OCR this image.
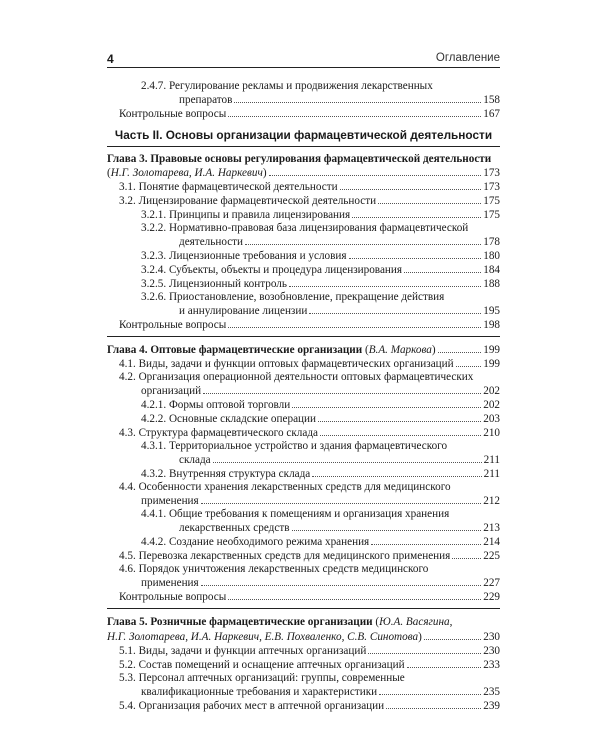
4	Оглавление
2.4.7. Регулирование рекламы и продвижения лекарственных
препаратов	158
Контрольные вопросы	167
Часть II. Основы организации фармацевтической деятельности
Глава 3. Правовые основы регулирования фармацевтической деятельности
(Н.Г. Золотарева, И.А. Наркевич)	173
3.1. Понятие фармацевтической деятельности	173
3.2. Лицензирование фармацевтической деятельности	175
3.2.1. Принципы и правила лицензирования	175
3.2.2. Нормативно-правовая база лицензирования фармацевтической
деятельности	178
3.2.3. Лицензионные требования и условия	180
3.2.4. Субъекты, объекты и процедура лицензирования	184
3.2.5. Лицензионный контроль	188
3.2.6. Приостановление, возобновление, прекращение действия
и аннулирование лицензии	195
Контрольные вопросы	198
Глава 4. Оптовые фармацевтические организации (В.А. Маркова)	199
4.1. Виды, задачи и функции оптовых фармацевтических организаций	199
4.2. Организация операционной деятельности оптовых фармацевтических
организаций	202
4.2.1. Формы оптовой торговли	202
4.2.2. Основные складские операции	203
4.3. Структура фармацевтического склада	210
4.3.1. Территориальное устройство и здания фармацевтического
склада	211
4.3.2. Внутренняя структура склада	211
4.4. Особенности хранения лекарственных средств для медицинского
применения	212
4.4.1. Общие требования к помещениям и организация хранения
лекарственных средств	213
4.4.2. Создание необходимого режима хранения	214
4.5. Перевозка лекарственных средств для медицинского применения	225
4.6. Порядок уничтожения лекарственных средств медицинского
применения	227
Контрольные вопросы	229
Глава 5. Розничные фармацевтические организации (Ю.А. Васягина,
Н.Г. Золотарева, И.А. Наркевич, Е.В. Похваленко, С.В. Синотова)	230
5.1. Виды, задачи и функции аптечных организаций	230
5.2. Состав помещений и оснащение аптечных организаций	233
5.3. Персонал аптечных организаций: группы, современные
квалификационные требования и характеристики	235
5.4. Организация рабочих мест в аптечной организации	239
